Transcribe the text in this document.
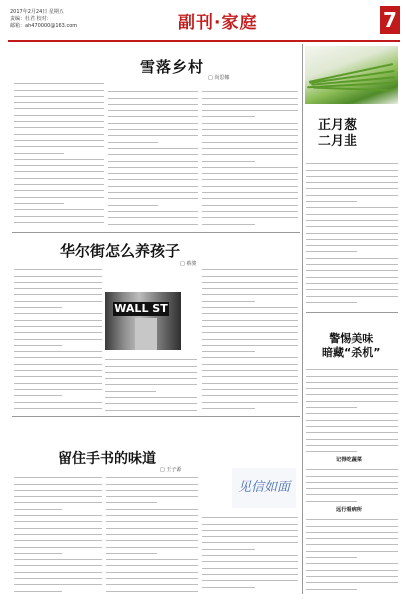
2017年2月24日 星期五
责编：杜君 校对：
邮箱：ah470000@163.com	副刊·家庭	7
雪落乡村
□ 尚思娜
正月葱
二月韭
华尔街怎么养孩子
□ 蔡骏
WALL ST
警惕美味
暗藏“杀机”
记得吃蔬菜
远行看病所
留住手书的味道
□ 王子源
见信如面
